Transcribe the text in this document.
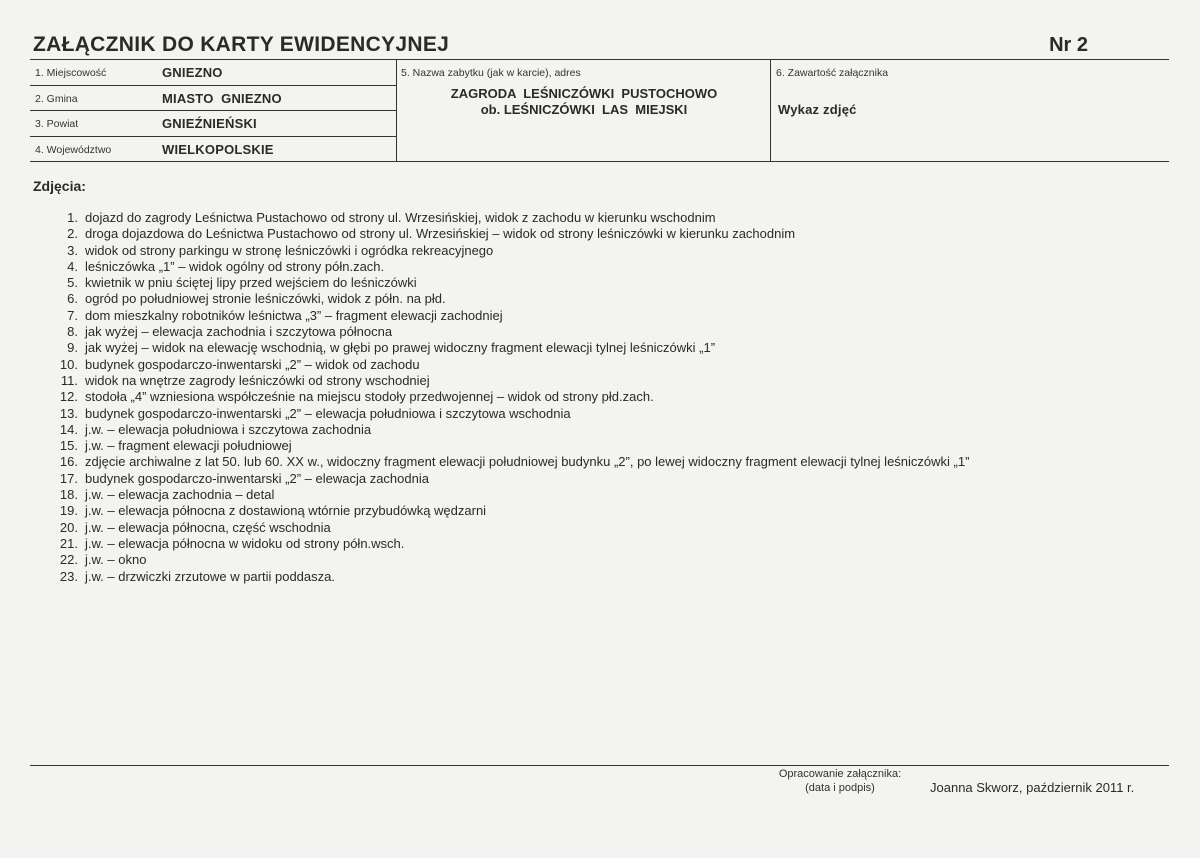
ZAŁĄCZNIK DO KARTY EWIDENCYJNEJ	Nr 2
1. Miejscowość	GNIEZNO
2. Gmina	MIASTO  GNIEZNO
3. Powiat	GNIEŹNIEŃSKI
4. Województwo	WIELKOPOLSKIE
5. Nazwa zabytku (jak w karcie), adres
ZAGRODA  LEŚNICZÓWKI  PUSTOCHOWO
ob. LEŚNICZÓWKI  LAS  MIEJSKI
6. Zawartość załącznika
Wykaz zdjęć
Zdjęcia:
1. dojazd do zagrody Leśnictwa Pustachowo od strony ul. Wrzesińskiej, widok z zachodu w kierunku wschodnim
2. droga dojazdowa do Leśnictwa Pustachowo od strony ul. Wrzesińskiej – widok od strony leśniczówki w kierunku zachodnim
3. widok od strony parkingu w stronę leśniczówki i ogródka rekreacyjnego
4. leśniczówka „1” – widok ogólny od strony półn.zach.
5. kwietnik w pniu ściętej lipy przed wejściem do leśniczówki
6. ogród po południowej stronie leśniczówki, widok z półn. na płd.
7. dom mieszkalny robotników leśnictwa „3” – fragment elewacji zachodniej
8. jak wyżej – elewacja zachodnia i szczytowa północna
9. jak wyżej – widok na elewację wschodnią, w głębi po prawej widoczny fragment elewacji tylnej leśniczówki „1”
10. budynek gospodarczo-inwentarski „2” – widok od zachodu
11. widok na wnętrze zagrody leśniczówki od strony wschodniej
12. stodoła „4” wzniesiona współcześnie na miejscu stodoły przedwojennej – widok od strony płd.zach.
13. budynek gospodarczo-inwentarski „2” – elewacja południowa i szczytowa wschodnia
14. j.w. – elewacja południowa i szczytowa zachodnia
15. j.w. – fragment elewacji południowej
16. zdjęcie archiwalne z lat 50. lub 60. XX w., widoczny fragment elewacji południowej budynku „2”, po lewej widoczny fragment elewacji tylnej leśniczówki „1”
17. budynek gospodarczo-inwentarski „2” – elewacja zachodnia
18. j.w. – elewacja zachodnia – detal
19. j.w. – elewacja północna z dostawioną wtórnie przybudówką wędzarni
20. j.w. – elewacja północna, część wschodnia
21. j.w. – elewacja północna w widoku od strony półn.wsch.
22. j.w. – okno
23. j.w. – drzwiczki zrzutowe w partii poddasza.
Opracowanie załącznika:
(data i podpis)	Joanna Skworz, październik 2011 r.
